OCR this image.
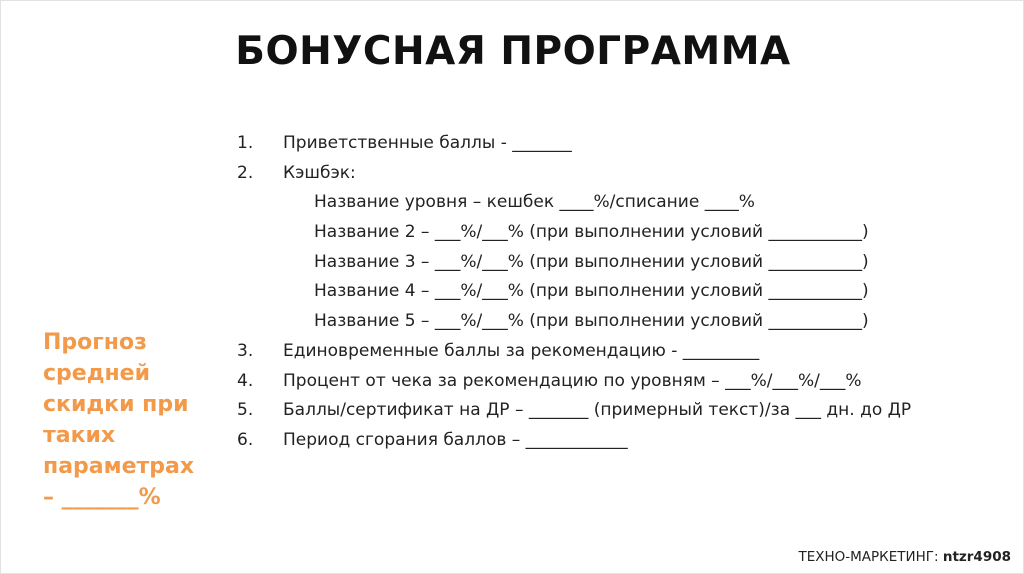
БОНУСНАЯ ПРОГРАММА
1. Приветственные баллы - _______
2. Кэшбэк:
Название уровня – кешбек ____%/списание ____%
Название 2 – ___%/___% (при выполнении условий ___________)
Название 3 – ___%/___% (при выполнении условий ___________)
Название 4 – ___%/___% (при выполнении условий ___________)
Название 5 – ___%/___% (при выполнении условий ___________)
3. Единовременные баллы за рекомендацию - _________
4. Процент от чека за рекомендацию по уровням – ___%/___%/___%
5. Баллы/сертификат на ДР – _______ (примерный текст)/за ___ дн. до ДР
6. Период сгорания баллов – ____________
Прогноз
средней
скидки при
таких
параметрах
– _______%
ТЕХНО-МАРКЕТИНГ: ntzr4908
